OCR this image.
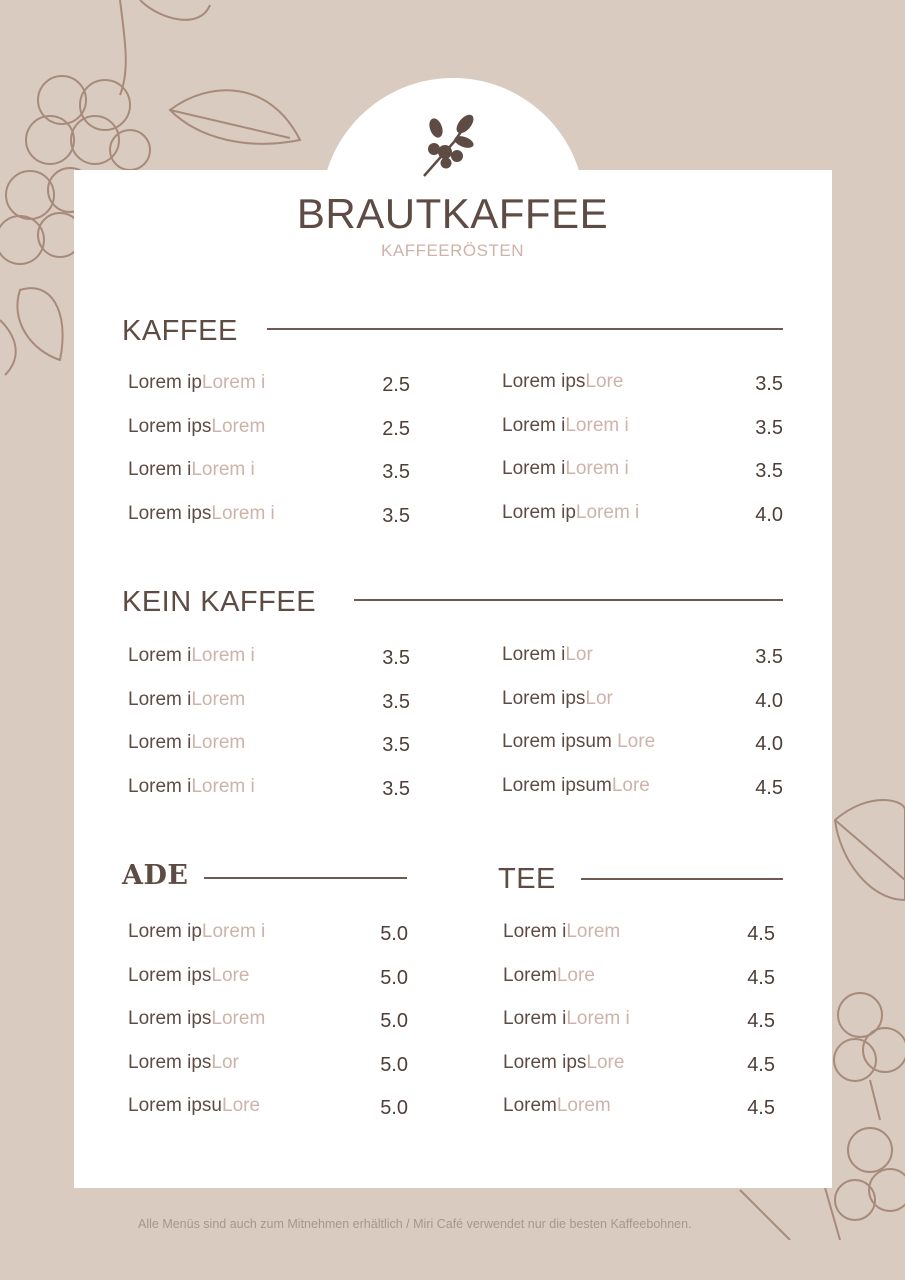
BRAUTKAFFEE
KAFFEERÖSTEN
KAFFEE
Lorem ipLorem i	2.5
Lorem ipsLorem	2.5
Lorem iLorem i	3.5
Lorem ipsLorem i	3.5
Lorem ipsLore	3.5
Lorem iLorem i	3.5
Lorem iLorem i	3.5
Lorem ipLorem i	4.0
KEIN KAFFEE
Lorem iLorem i	3.5
Lorem iLorem	3.5
Lorem iLorem	3.5
Lorem iLorem i	3.5
Lorem iLor	3.5
Lorem ipsLor	4.0
Lorem ipsum Lore	4.0
Lorem ipsumLore	4.5
ADE
Lorem ipLorem i	5.0
Lorem ipsLore	5.0
Lorem ipsLorem	5.0
Lorem ipsLor	5.0
Lorem ipsuLore	5.0
TEE
Lorem iLorem	4.5
LoremLore	4.5
Lorem iLorem i	4.5
Lorem ipsLore	4.5
LoremLorem	4.5
Alle Menüs sind auch zum Mitnehmen erhältlich / Miri Café verwendet nur die besten Kaffeebohnen.
